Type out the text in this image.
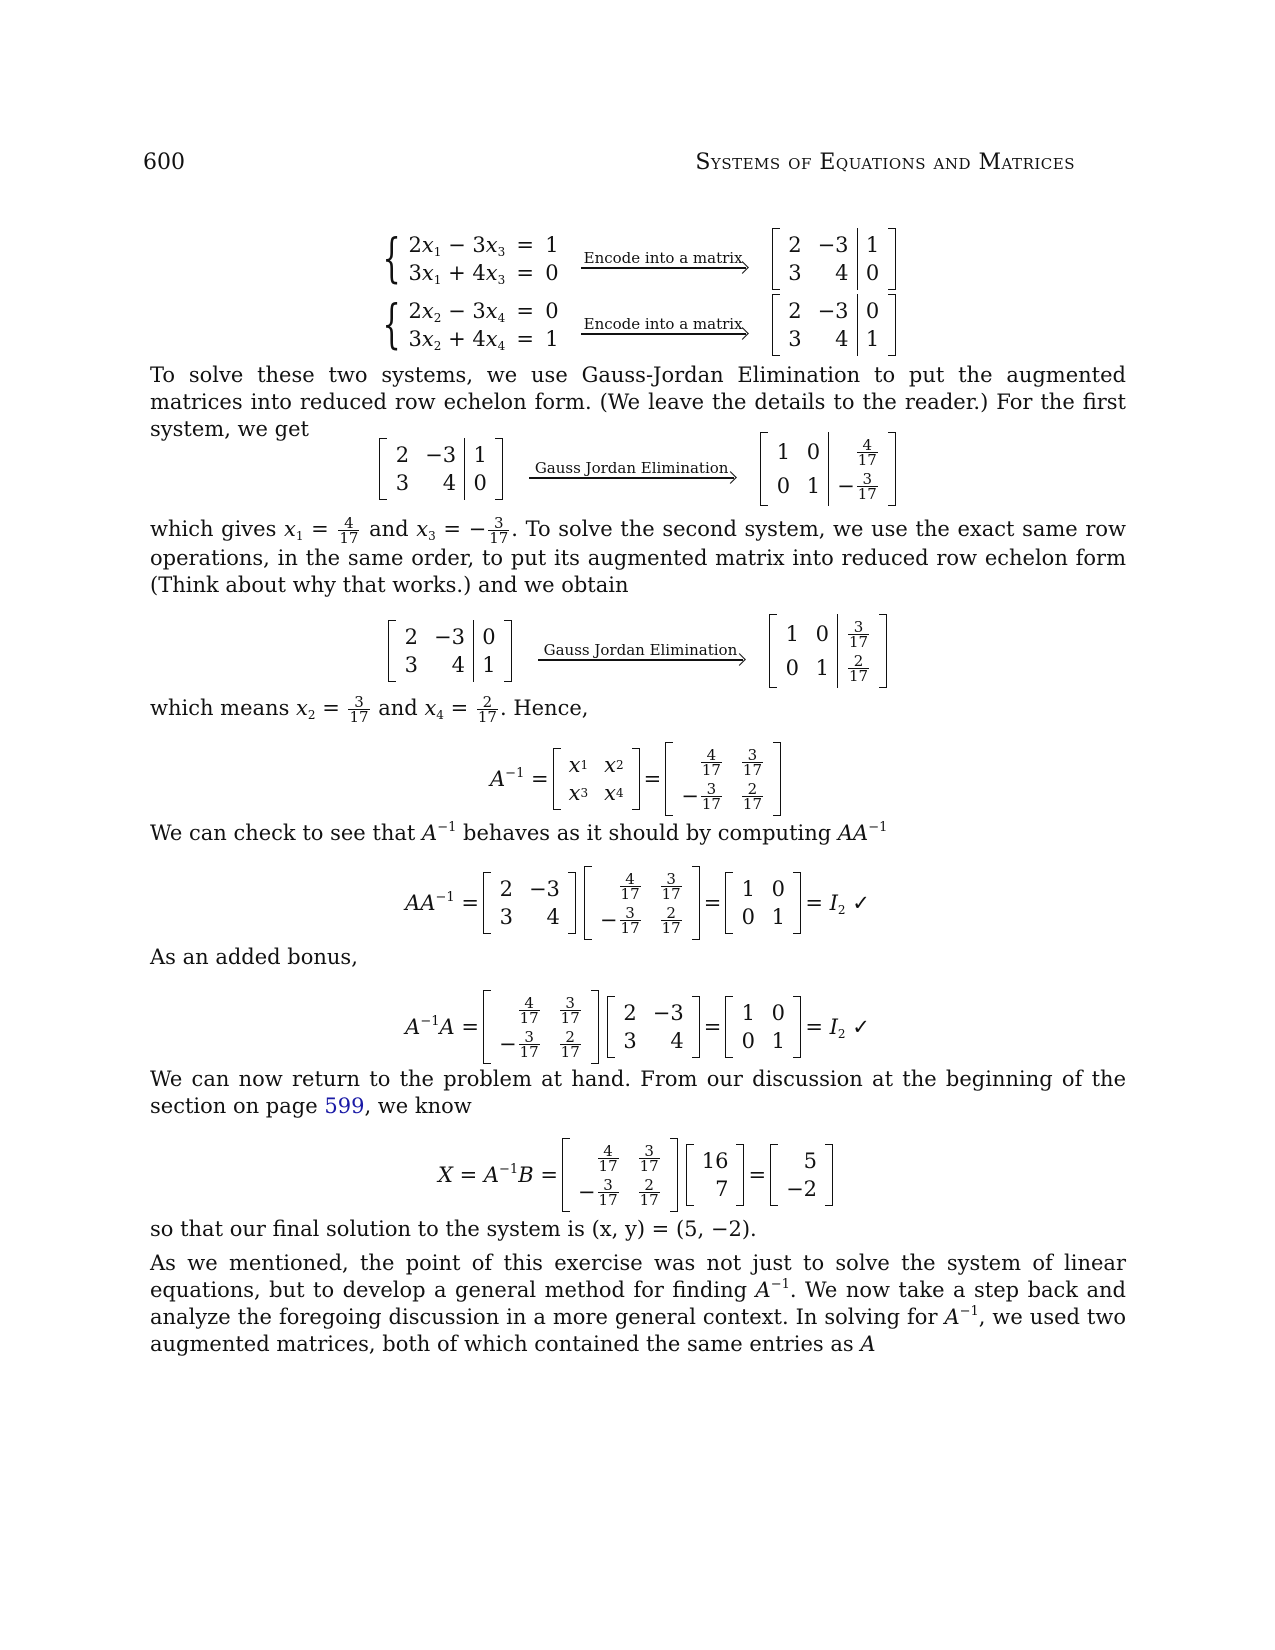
600	Systems of Equations and Matrices
{ $2x_1 - 3x_3 = 1$
$3x_1 + 4x_3 = 0$
Encode into a matrix
2
3
−3
4
1
0
{ $2x_2 - 3x_4 = 0$
$3x_2 + 4x_4 = 1$
Encode into a matrix
2
3
−3
4
0
1
To solve these two systems, we use Gauss-Jordan Elimination to put the augmented matrices into reduced row echelon form. (We leave the details to the reader.) For the first system, we get
2
3
−3
4
1
0
Gauss Jordan Elimination
1
0
0
1
$\frac{4}{17}$
− $\frac{3}{17}$
which gives $x_1 = \frac{4}{17}$ and $x_3$ = − $\frac{3}{17}$ . To solve the second system, we use the exact same row operations, in the same order, to put its augmented matrix into reduced row echelon form (Think about why that works.) and we obtain
2
3
−3
4
0
1
Gauss Jordan Elimination
1
0
0
1
$\frac{3}{17}$
$\frac{2}{17}$
which means $x_2 = \frac{3}{17}$ and $x_4 = \frac{2}{17}$ . Hence,
$A^{-1}$ =
x 1
x 3
x 2
x 4
=
$\frac{4}{17}$
− $\frac{3}{17}$
$\frac{3}{17}$
$\frac{2}{17}$
We can check to see that $A^{-1}$ behaves as it should by computing $AA^{-1}$
$AA^{-1}$ =
2
3
−3
4
$\frac{4}{17}$
− $\frac{3}{17}$
$\frac{3}{17}$
$\frac{2}{17}$
=
1
0
0
1
= $I_2$ ✓
As an added bonus,
$A^{-1}A$ =
$\frac{4}{17}$
− $\frac{3}{17}$
$\frac{3}{17}$
$\frac{2}{17}$
2
3
−3
4
=
1
0
0
1
= $I_2$ ✓
We can now return to the problem at hand. From our discussion at the beginning of the section on page 599, we know
$X = A^{-1}B$ =
$\frac{4}{17}$
− $\frac{3}{17}$
$\frac{3}{17}$
$\frac{2}{17}$
16
7
=
5
−2
so that our final solution to the system is (x, y) = (5, −2).
As we mentioned, the point of this exercise was not just to solve the system of linear equations, but to develop a general method for finding $A^{-1}$. We now take a step back and analyze the foregoing discussion in a more general context. In solving for $A^{-1}$, we used two augmented matrices, both of which contained the same entries as A
